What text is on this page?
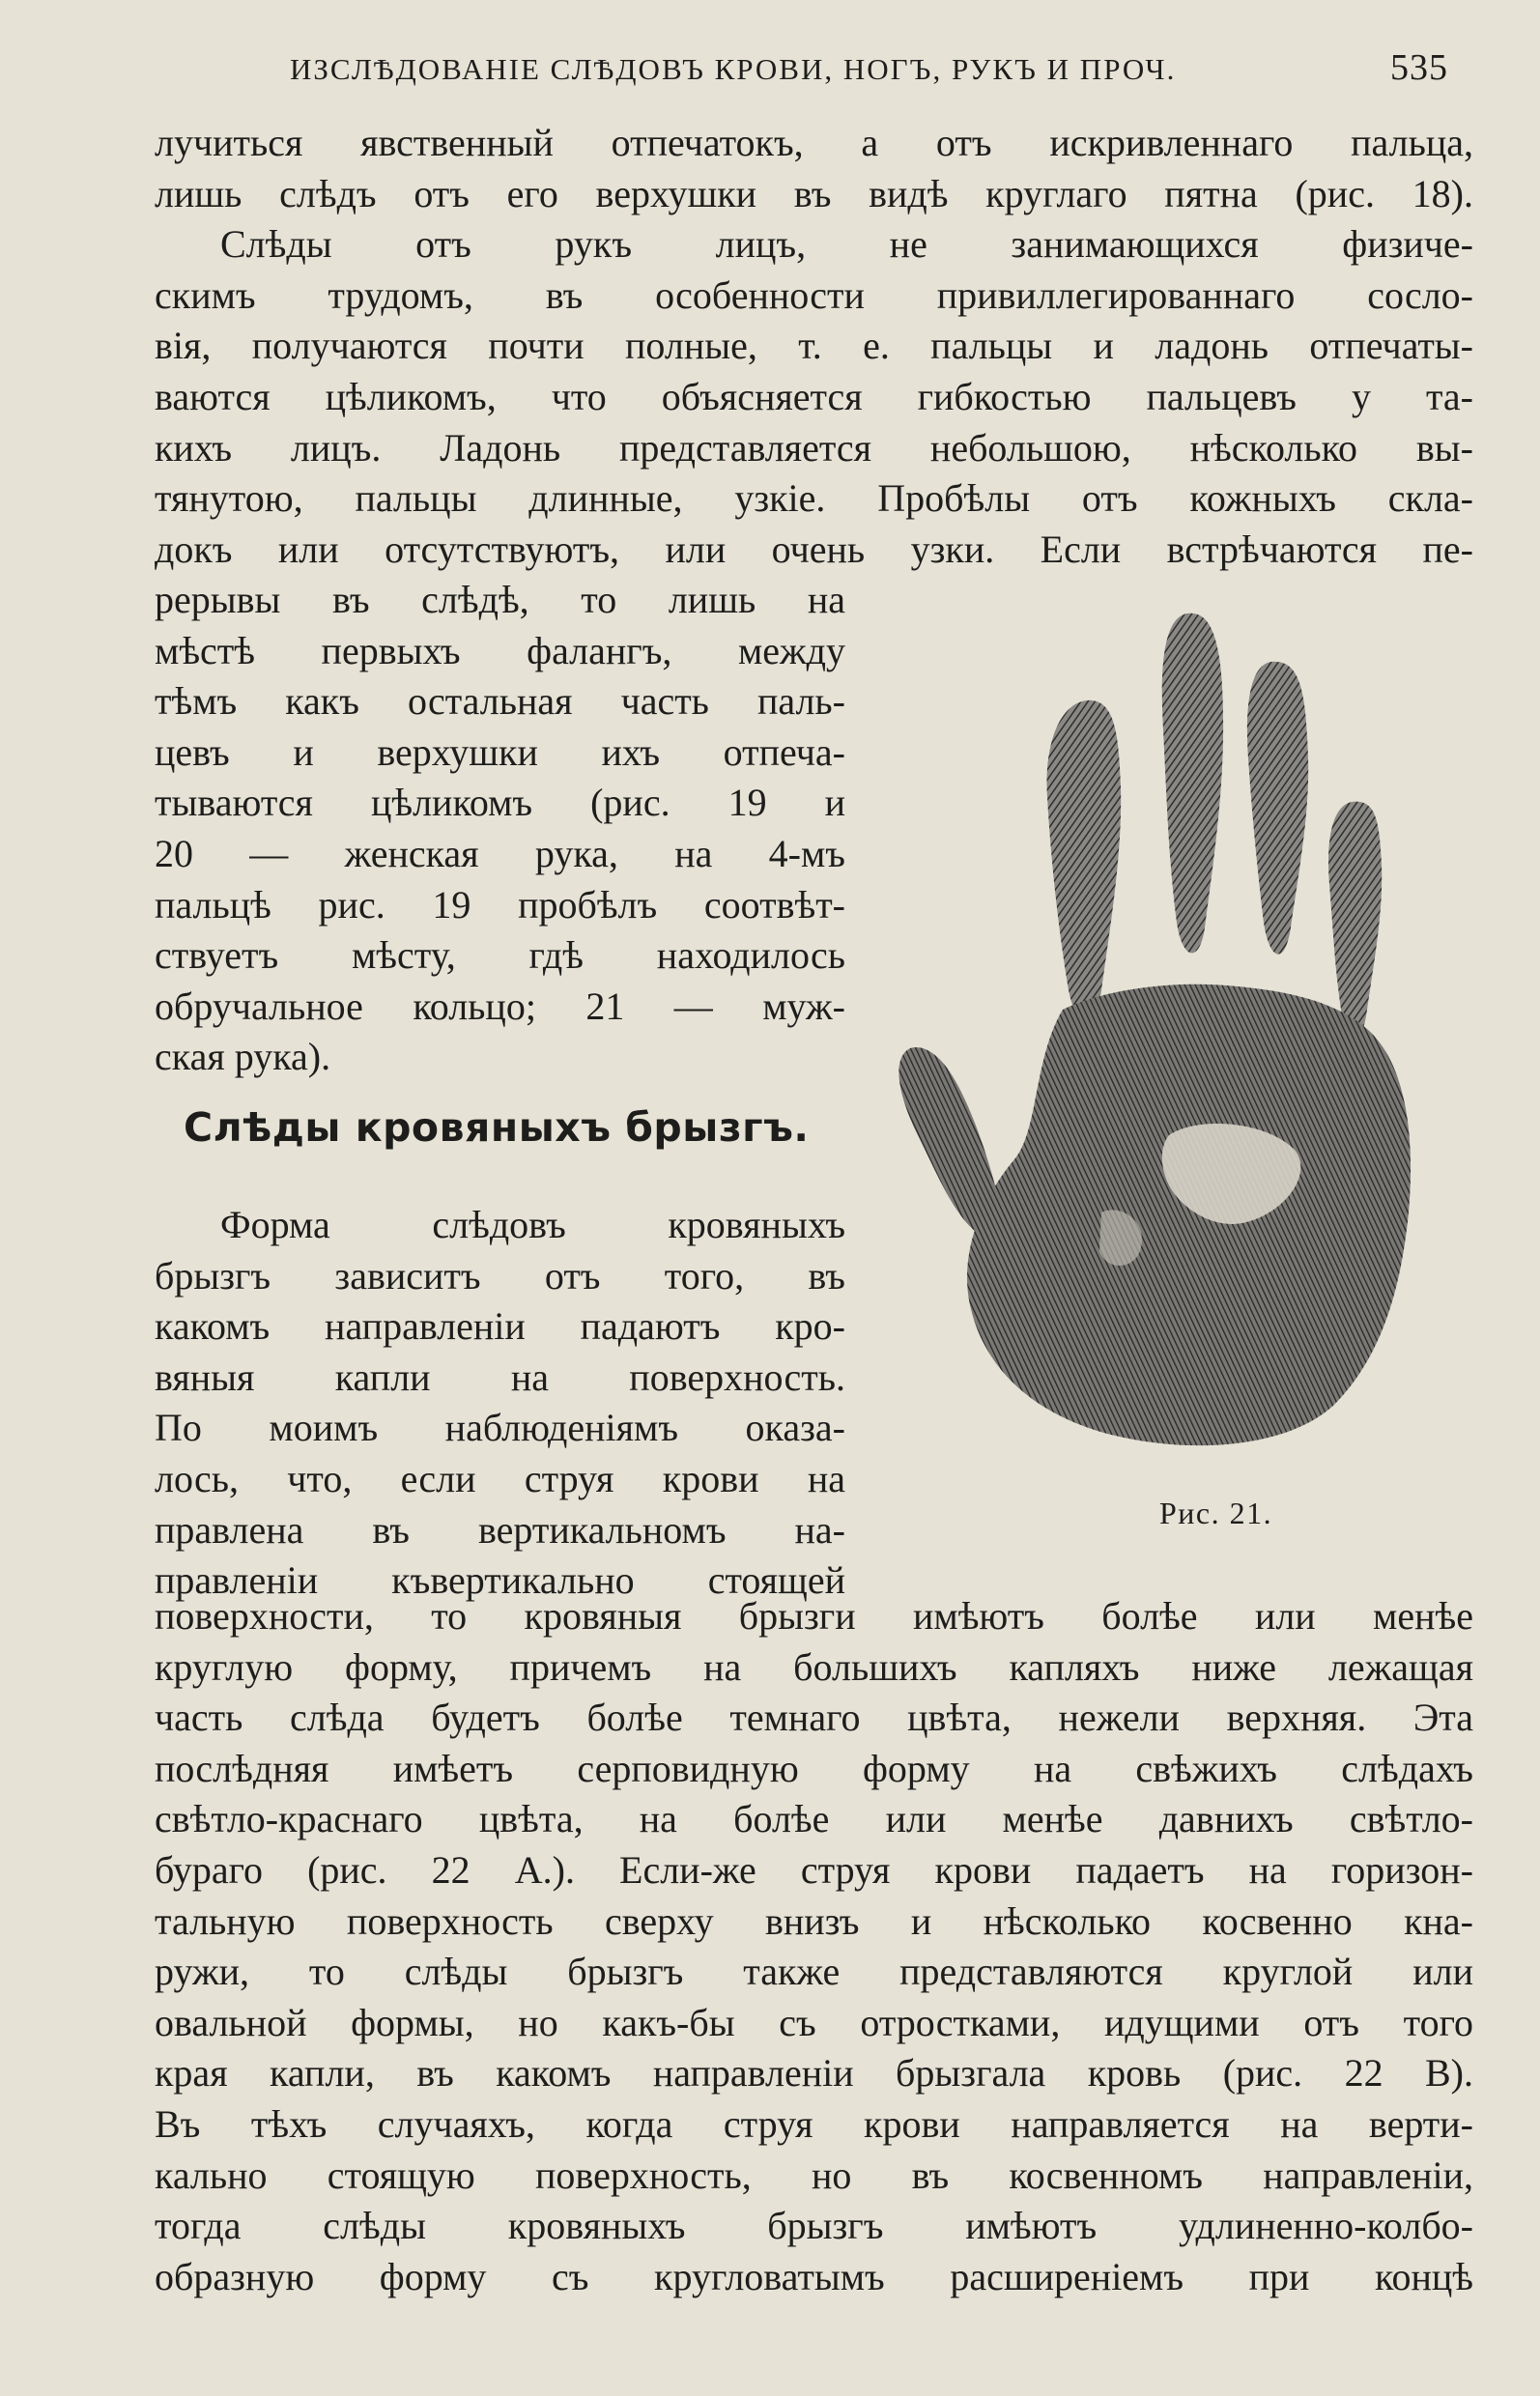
ИЗСЛѢДОВАНІЕ СЛѢДОВЪ КРОВИ, НОГЪ, РУКЪ И ПРОЧ.	535
лучиться явственный отпечатокъ, а отъ искривленнаго пальца,
лишь слѣдъ отъ его верхушки въ видѣ круглаго пятна (рис. 18).
Слѣды отъ рукъ лицъ, не занимающихся физиче-
скимъ трудомъ, въ особенности привиллегированнаго сосло-
вія, получаются почти полные, т. е. пальцы и ладонь отпечаты-
ваются цѣликомъ, что объясняется гибкостью пальцевъ у та-
кихъ лицъ. Ладонь представляется небольшою, нѣсколько вы-
тянутою, пальцы длинные, узкіе. Пробѣлы отъ кожныхъ скла-
докъ или отсутствуютъ, или очень узки. Если встрѣчаются пе-
рерывы въ слѣдѣ, то лишь на
мѣстѣ первыхъ фалангъ, между
тѣмъ какъ остальная часть паль-
цевъ и верхушки ихъ отпеча-
тываются цѣликомъ (рис. 19 и
20 — женская рука, на 4-мъ
пальцѣ рис. 19 пробѣлъ соотвѣт-
ствуетъ мѣсту, гдѣ находилось
обручальное кольцо; 21 — муж-
ская рука).
Слѣды кровяныхъ брызгъ.
Форма слѣдовъ кровяныхъ
брызгъ зависитъ отъ того, въ
какомъ направленіи падаютъ кро-
вяныя капли на поверхность.
По моимъ наблюденіямъ оказа-
лось, что, если струя крови на
правлена въ вертикальномъ на-
правленіи къвертикально стоящей
Рис. 21.
поверхности, то кровяныя брызги имѣютъ болѣе или менѣе
круглую форму, причемъ на большихъ капляхъ ниже лежащая
часть слѣда будетъ болѣе темнаго цвѣта, нежели верхняя. Эта
послѣдняя имѣетъ серповидную форму на свѣжихъ слѣдахъ
свѣтло-краснаго цвѣта, на болѣе или менѣе давнихъ свѣтло-
бураго (рис. 22 А.). Если-же струя крови падаетъ на горизон-
тальную поверхность сверху внизъ и нѣсколько косвенно кна-
ружи, то слѣды брызгъ также представляются круглой или
овальной формы, но какъ-бы съ отростками, идущими отъ того
края капли, въ какомъ направленіи брызгала кровь (рис. 22 В).
Въ тѣхъ случаяхъ, когда струя крови направляется на верти-
кально стоящую поверхность, но въ косвенномъ направленіи,
тогда слѣды кровяныхъ брызгъ имѣютъ удлиненно-колбо-
образную форму съ кругловатымъ расширеніемъ при концѣ
